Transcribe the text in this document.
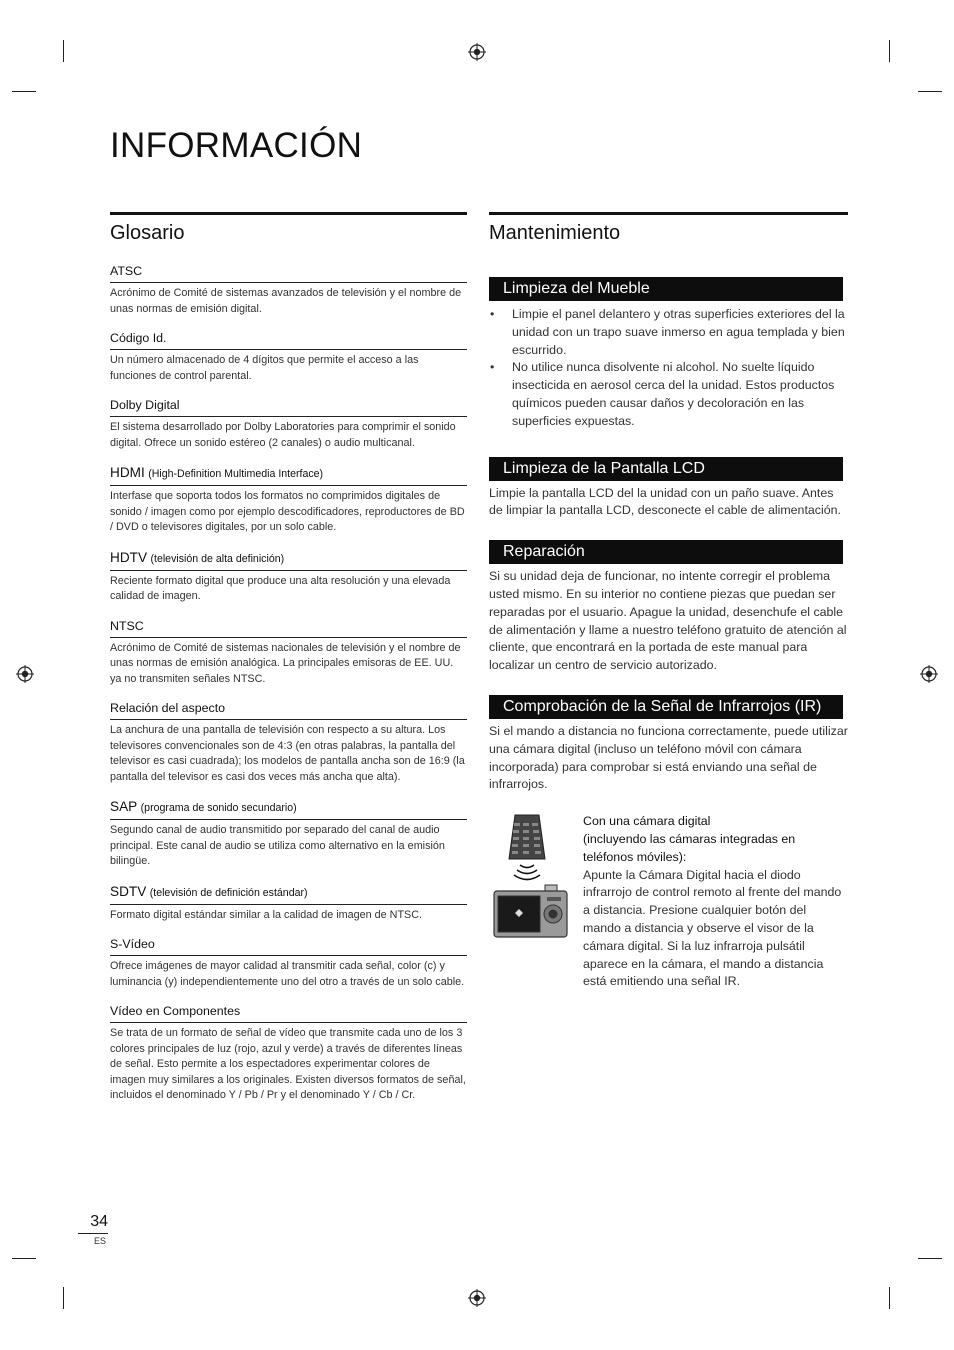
INFORMACIÓN
Glosario
ATSC
Acrónimo de Comité de sistemas avanzados de televisión y el nombre de unas normas de emisión digital.
Código Id.
Un número almacenado de 4 dígitos que permite el acceso a las funciones de control parental.
Dolby Digital
El sistema desarrollado por Dolby Laboratories para comprimir el sonido digital. Ofrece un sonido estéreo (2 canales) o audio multicanal.
HDMI (High-Definition Multimedia Interface)
Interfase que soporta todos los formatos no comprimidos digitales de sonido / imagen como por ejemplo descodificadores, reproductores de BD / DVD o televisores digitales, por un solo cable.
HDTV (televisión de alta definición)
Reciente formato digital que produce una alta resolución y una elevada calidad de imagen.
NTSC
Acrónimo de Comité de sistemas nacionales de televisión y el nombre de unas normas de emisión analógica. La principales emisoras de EE. UU. ya no transmiten señales NTSC.
Relación del aspecto
La anchura de una pantalla de televisión con respecto a su altura. Los televisores convencionales son de 4:3 (en otras palabras, la pantalla del televisor es casi cuadrada); los modelos de pantalla ancha son de 16:9 (la pantalla del televisor es casi dos veces más ancha que alta).
SAP (programa de sonido secundario)
Segundo canal de audio transmitido por separado del canal de audio principal. Este canal de audio se utiliza como alternativo en la emisión bilingüe.
SDTV (televisión de definición estándar)
Formato digital estándar similar a la calidad de imagen de NTSC.
S-Vídeo
Ofrece imágenes de mayor calidad al transmitir cada señal, color (c) y luminancia (y) independientemente uno del otro a través de un solo cable.
Vídeo en Componentes
Se trata de un formato de señal de vídeo que transmite cada uno de los 3 colores principales de luz (rojo, azul y verde) a través de diferentes líneas de señal. Esto permite a los espectadores experimentar colores de imagen muy similares a los originales. Existen diversos formatos de señal, incluidos el denominado Y / Pb / Pr y el denominado Y / Cb / Cr.
Mantenimiento
Limpieza del Mueble
• Limpie el panel delantero y otras superficies exteriores del la unidad con un trapo suave inmerso en agua templada y bien escurrido.
• No utilice nunca disolvente ni alcohol. No suelte líquido insecticida en aerosol cerca del la unidad. Estos productos químicos pueden causar daños y decoloración en las superficies expuestas.
Limpieza de la Pantalla LCD
Limpie la pantalla LCD del la unidad con un paño suave. Antes de limpiar la pantalla LCD, desconecte el cable de alimentación.
Reparación
Si su unidad deja de funcionar, no intente corregir el problema usted mismo. En su interior no contiene piezas que puedan ser reparadas por el usuario. Apague la unidad, desenchufe el cable de alimentación y llame a nuestro teléfono gratuito de atención al cliente, que encontrará en la portada de este manual para localizar un centro de servicio autorizado.
Comprobación de la Señal de Infrarrojos (IR)
Si el mando a distancia no funciona correctamente, puede utilizar una cámara digital (incluso un teléfono móvil con cámara incorporada) para comprobar si está enviando una señal de infrarrojos.
Con una cámara digital
(incluyendo las cámaras integradas en teléfonos móviles):
Apunte la Cámara Digital hacia el diodo infrarrojo de control remoto al frente del mando a distancia. Presione cualquier botón del mando a distancia y observe el visor de la cámara digital. Si la luz infrarroja pulsátil aparece en la cámara, el mando a distancia está emitiendo una señal IR.
34
ES
